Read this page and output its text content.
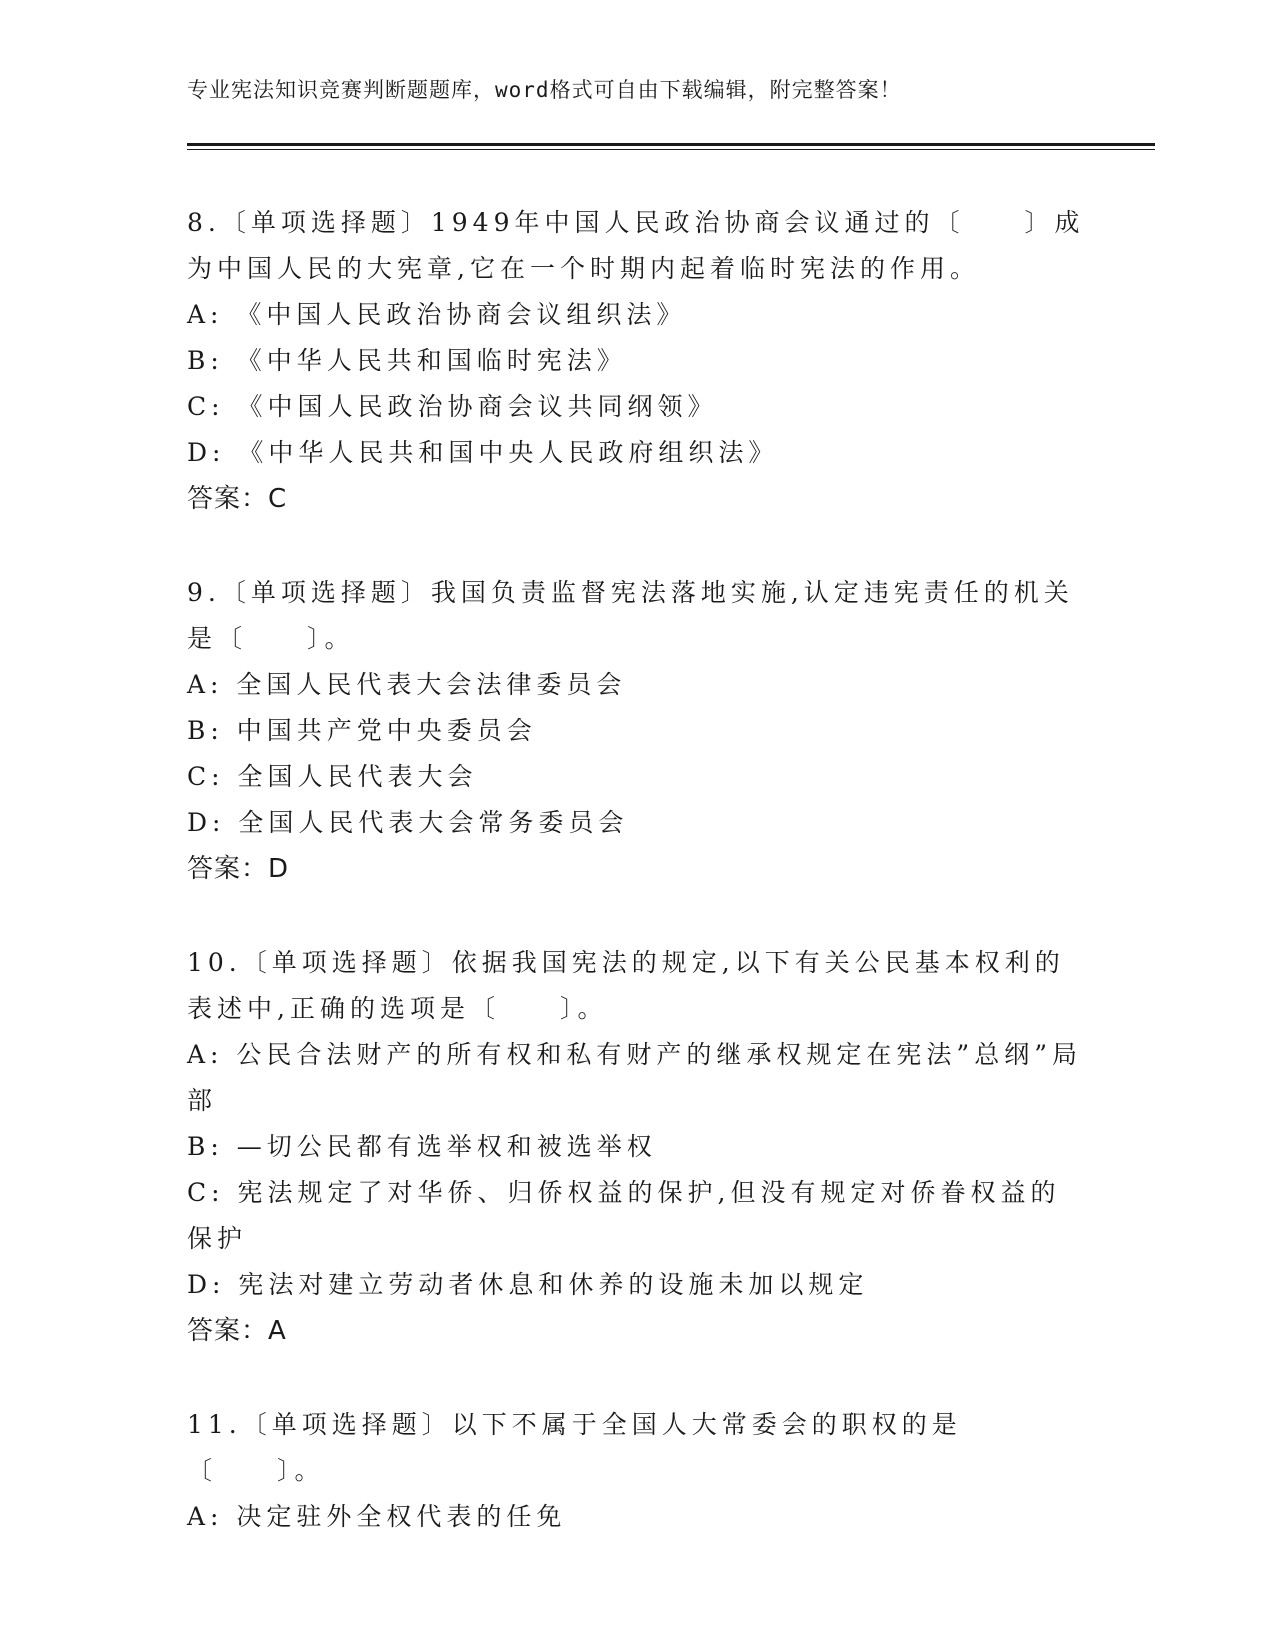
专业宪法知识竞赛判断题题库，word格式可自由下载编辑，附完整答案！

8.〔单项选择题〕1949年中国人民政治协商会议通过的〔　　〕成为中国人民的大宪章,它在一个时期内起着临时宪法的作用。

A: 《中国人民政治协商会议组织法》

B: 《中华人民共和国临时宪法》

C: 《中国人民政治协商会议共同纲领》

D: 《中华人民共和国中央人民政府组织法》

答案：C

9.〔单项选择题〕我国负责监督宪法落地实施,认定违宪责任的机关是〔　　〕。

A: 全国人民代表大会法律委员会

B: 中国共产党中央委员会

C: 全国人民代表大会

D: 全国人民代表大会常务委员会

答案：D

10.〔单项选择题〕依据我国宪法的规定,以下有关公民基本权利的表述中,正确的选项是〔　　〕。

A: 公民合法财产的所有权和私有财产的继承权规定在宪法”总纲”局部

B: —切公民都有选举权和被选举权

C: 宪法规定了对华侨、归侨权益的保护,但没有规定对侨眷权益的保护

D: 宪法对建立劳动者休息和休养的设施未加以规定

答案：A

11.〔单项选择题〕以下不属于全国人大常委会的职权的是〔　　〕。

A: 决定驻外全权代表的任免
